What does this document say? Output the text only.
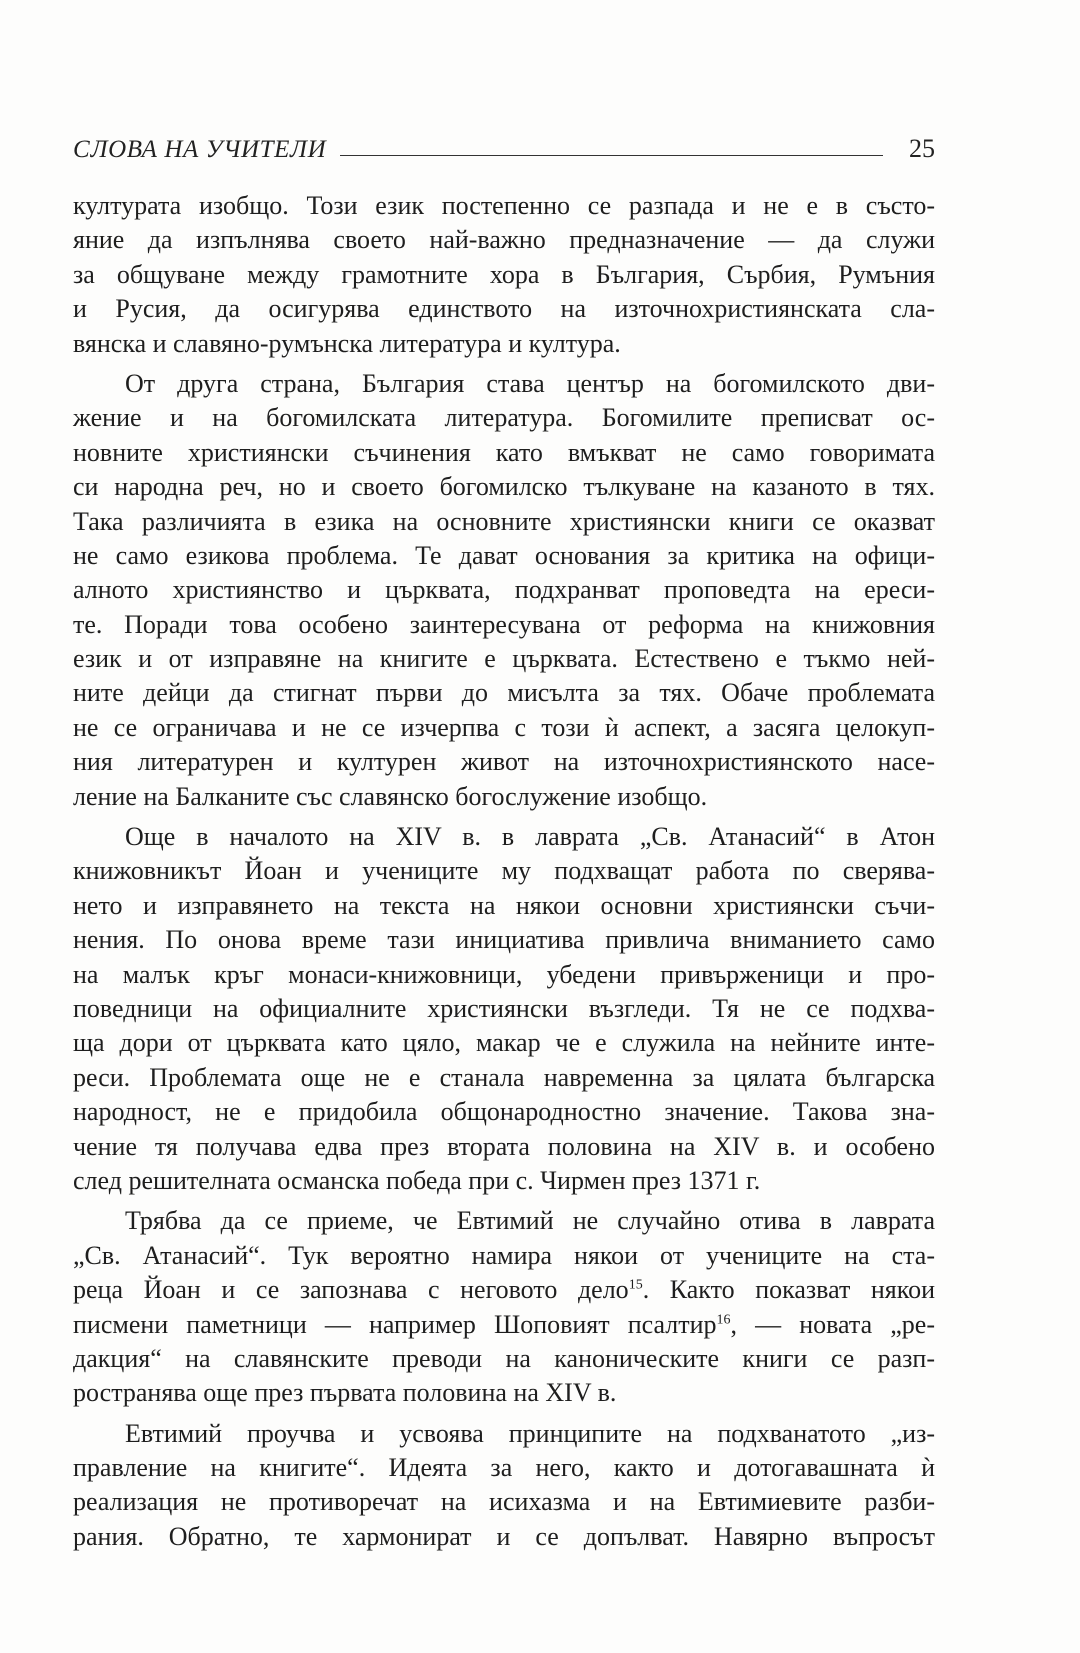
СЛОВА НА УЧИТЕЛИ	25
културата изобщо. Този език постепенно се разпада и не е в състо-
яние да изпълнява своето най-важно предназначение — да служи
за общуване между грамотните хора в България, Сърбия, Румъния
и Русия, да осигурява единството на източнохристиянската сла-
вянска и славяно-румънска литература и култура.
От друга страна, България става център на богомилското дви-
жение и на богомилската литература. Богомилите преписват ос-
новните християнски съчинения като вмъкват не само говоримата
си народна реч, но и своето богомилско тълкуване на казаното в тях.
Така различията в езика на основните християнски книги се оказват
не само езикова проблема. Те дават основания за критика на офици-
алното християнство и църквата, подхранват проповедта на ереси-
те. Поради това особено заинтересувана от реформа на книжовния
език и от изправяне на книгите е църквата. Естествено е тъкмо ней-
ните дейци да стигнат първи до мисълта за тях. Обаче проблемата
не се ограничава и не се изчерпва с този ѝ аспект, а засяга целокуп-
ния литературен и културен живот на източнохристиянското насе-
ление на Балканите със славянско богослужение изобщо.
Още в началото на XIV в. в лаврата „Св. Атанасий“ в Атон
книжовникът Йоан и учениците му подхващат работа по сверява-
нето и изправянето на текста на някои основни християнски съчи-
нения. По онова време тази инициатива привлича вниманието само
на малък кръг монаси-книжовници, убедени привърженици и про-
поведници на официалните християнски възгледи. Тя не се подхва-
ща дори от църквата като цяло, макар че е служила на нейните инте-
реси. Проблемата още не е станала навременна за цялата българска
народност, не е придобила общонародностно значение. Такова зна-
чение тя получава едва през втората половина на XIV в. и особено
след решителната османска победа при с. Чирмен през 1371 г.
Трябва да се приеме, че Евтимий не случайно отива в лаврата
„Св. Атанасий“. Тук вероятно намира някои от учениците на ста-
реца Йоан и се запознава с неговото дело$^{15}$. Както показват някои
писмени паметници — например Шоповият псалтир$^{16}$, — новата „ре-
дакция“ на славянските преводи на каноническите книги се разп-
ространява още през първата половина на XIV в.
Евтимий проучва и усвоява принципите на подхванатото „из-
правление на книгите“. Идеята за него, както и дотогавашната ѝ
реализация не противоречат на исихазма и на Евтимиевите разби-
рания. Обратно, те хармонират и се допълват. Навярно въпросът
